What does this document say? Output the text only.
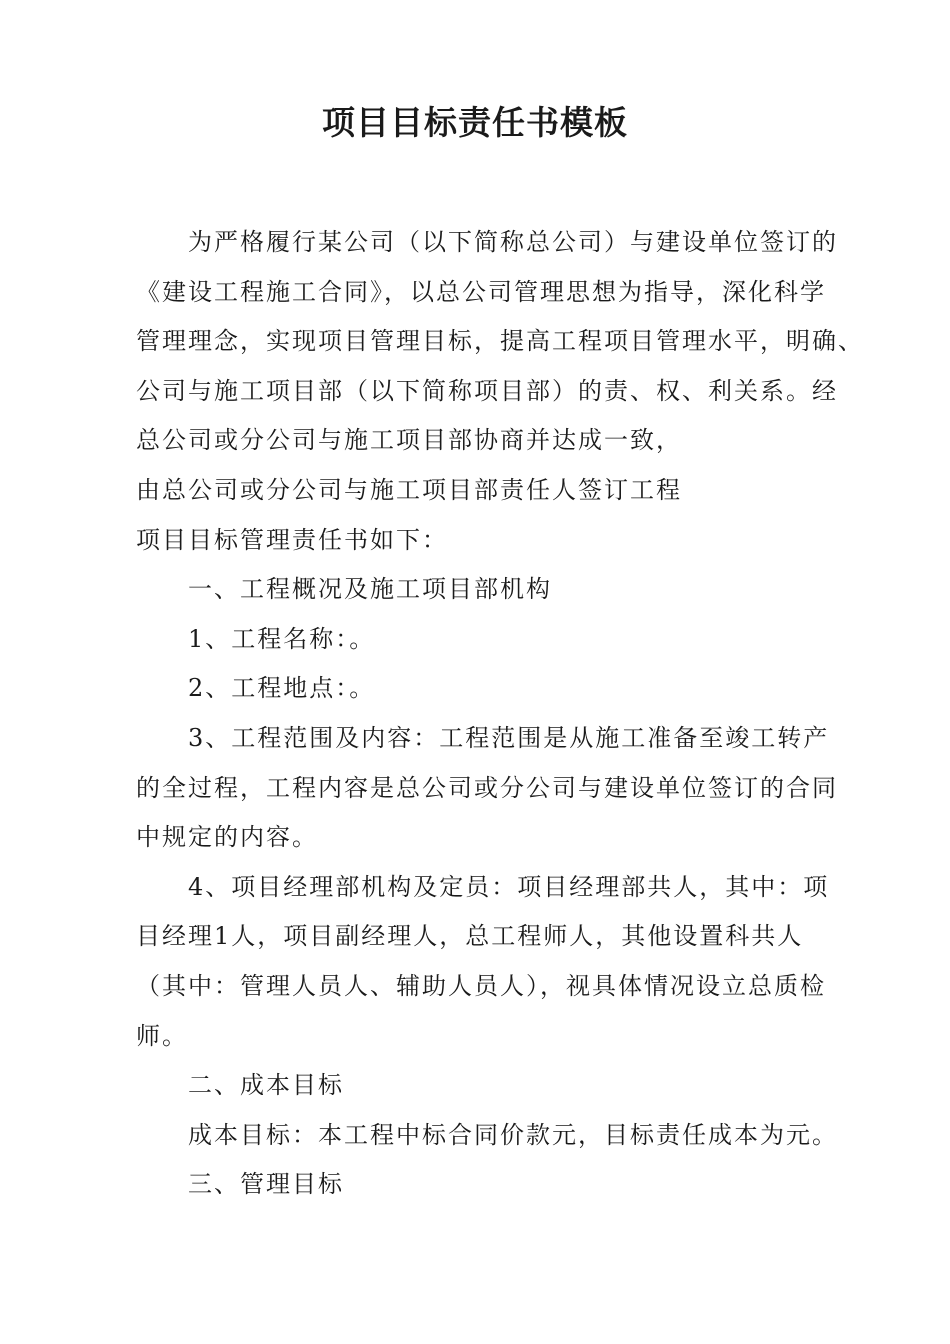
项目目标责任书模板
为严格履行某公司（以下简称总公司）与建设单位签订的
《建设工程施工合同》，以总公司管理思想为指导，深化科学
管理理念，实现项目管理目标，提高工程项目管理水平，明确、
公司与施工项目部（以下简称项目部）的责、权、利关系。经
总公司或分公司与施工项目部协商并达成一致，
由总公司或分公司与施工项目部责任人签订工程
项目目标管理责任书如下：
一、工程概况及施工项目部机构
1、工程名称：。
2、工程地点：。
3、工程范围及内容：工程范围是从施工准备至竣工转产
的全过程，工程内容是总公司或分公司与建设单位签订的合同
中规定的内容。
4、项目经理部机构及定员：项目经理部共人，其中：项
目经理1人，项目副经理人，总工程师人，其他设置科共人
（其中：管理人员人、辅助人员人），视具体情况设立总质检
师。
二、成本目标
成本目标：本工程中标合同价款元，目标责任成本为元。
三、管理目标
